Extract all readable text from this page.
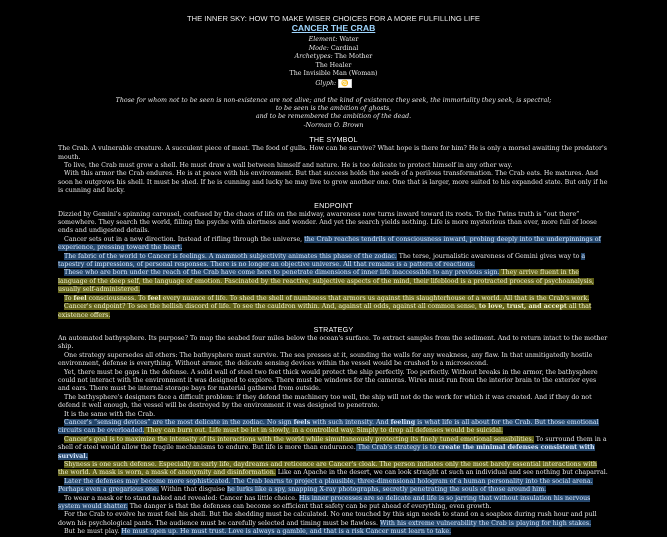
THE INNER SKY: HOW TO MAKE WISER CHOICES FOR A MORE FULFILLING LIFE
CANCER THE CRAB
Element: Water
Mode: Cardinal
Archetypes: The Mother
The Healer
The Invisible Man (Woman)
Glyph: ♋
Those for whom not to be seen is non-existence are not alive; and the kind of existence they seek, the immortality they seek, is spectral;
to be seen is the ambition of ghosts,
and to be remembered the ambition of the dead.
-Norman O. Brown
THE SYMBOL

The Crab. A vulnerable creature. A succulent piece of meat. The food of gulls. How can he survive? What hope is there for him? He is only a morsel awaiting the predator's mouth.

To live, the Crab must grow a shell. He must draw a wall between himself and nature. He is too delicate to protect himself in any other way.

With this armor the Crab endures. He is at peace with his environment. But that success holds the seeds of a perilous transformation. The Crab eats. He matures. And soon he outgrows his shell. It must be shed. If he is cunning and lucky he may live to grow another one. One that is larger, more suited to his expanded state. But only if he is cunning and lucky.

ENDPOINT

Dizzied by Gemini's spinning carousel, confused by the chaos of life on the midway, awareness now turns inward toward its roots. To the Twins truth is “out there” somewhere. They search the world, filling the psyche with alertness and wonder. And yet the search yields nothing. Life is more mysterious than ever, more full of loose ends and undigested details.

Cancer sets out in a new direction. Instead of rifling through the universe, the Crab reaches tendrils of consciousness inward, probing deeply into the underpinnings of experience, pressing toward the heart.

The fabric of the world to Cancer is feelings. A mammoth subjectivity animates this phase of the zodiac. The terse, journalistic awareness of Gemini gives way to a tapestry of impressions, of personal responses. There is no longer an objective universe. All that remains is a pattern of reactions.

These who are born under the reach of the Crab have come here to penetrate dimensions of inner life inaccessible to any previous sign. They arrive fluent in the language of the deep self, the language of emotion. Fascinated by the reactive, subjective aspects of the mind, their lifeblood is a protracted process of psychoanalysis, usually self-administered.

To feel consciousness. To feel every nuance of life. To shed the shell of numbness that armors us against this slaughterhouse of a world. All that is the Crab's work.

Cancer's endpoint? To see the hellish discord of life. To see the cauldron within. And, against all odds, against all common sense, to love, trust, and accept all that existence offers.

STRATEGY

An automated bathysphere. Its purpose? To map the seabed four miles below the ocean's surface. To extract samples from the sediment. And to return intact to the mother ship.

One strategy supersedes all others: The bathysphere must survive. The sea presses at it, sounding the walls for any weakness, any flaw. In that unmitigatedly hostile environment, defense is everything. Without armor, the delicate sensing devices within the vessel would be crushed to a microsecond.

Yet, there must be gaps in the defense. A solid wall of steel two feet thick would protect the ship perfectly. Too perfectly. Without breaks in the armor, the bathysphere could not interact with the environment it was designed to explore. There must be windows for the cameras. Wires must run from the interior brain to the exterior eyes and ears. There must be internal storage bays for material gathered from outside.

The bathysphere's designers face a difficult problem: if they defend the machinery too well, the ship will not do the work for which it was created. And if they do not defend it well enough, the vessel will be destroyed by the environment it was designed to penetrate.

It is the same with the Crab.

Cancer's “sensing devices” are the most delicate in the zodiac. No sign feels with such intensity. And feeling is what life is all about for the Crab. But those emotional circuits can be overloaded. They can burn out. Life must be let in slowly, in a controlled way. Simply to drop all defenses would be suicidal.

Cancer's goal is to maximize the intensity of its interactions with the world while simultaneously protecting its finely tuned emotional sensibilities. To surround them in a shell of steel would allow the fragile mechanisms to endure. But life is more than endurance. The Crab's strategy is to create the minimal defenses consistent with survival.

Shyness is one such defense. Especially in early life, daydreams and reticence are Cancer's cloak. The person initiates only the most barely essential interactions with the world. A mask is worn, a mask of anonymity and disinformation. Like an Apache in the desert, we can look straight at such an individual and see nothing but chaparral.

Later the defenses may become more sophisticated. The Crab learns to project a plausible, three-dimensional hologram of a human personality into the social arena. Perhaps even a gregarious one. Within that disguise he lurks like a spy, snapping X-ray photographs, secretly penetrating the souls of those around him.

To wear a mask or to stand naked and revealed: Cancer has little choice. His inner processes are so delicate and life is so jarring that without insulation his nervous system would shatter. The danger is that the defenses can become so efficient that safety can be put ahead of everything, even growth.

For the Crab to evolve he must feel his shell. But the shedding must be calculated. No one touched by this sign needs to stand on a soapbox during rush hour and pull down his psychological pants. The audience must be carefully selected and timing must be flawless. With his extreme vulnerability the Crab is playing for high stakes.

But he must play. He must open up. He must trust. Love is always a gamble, and that is a risk Cancer must learn to take.
